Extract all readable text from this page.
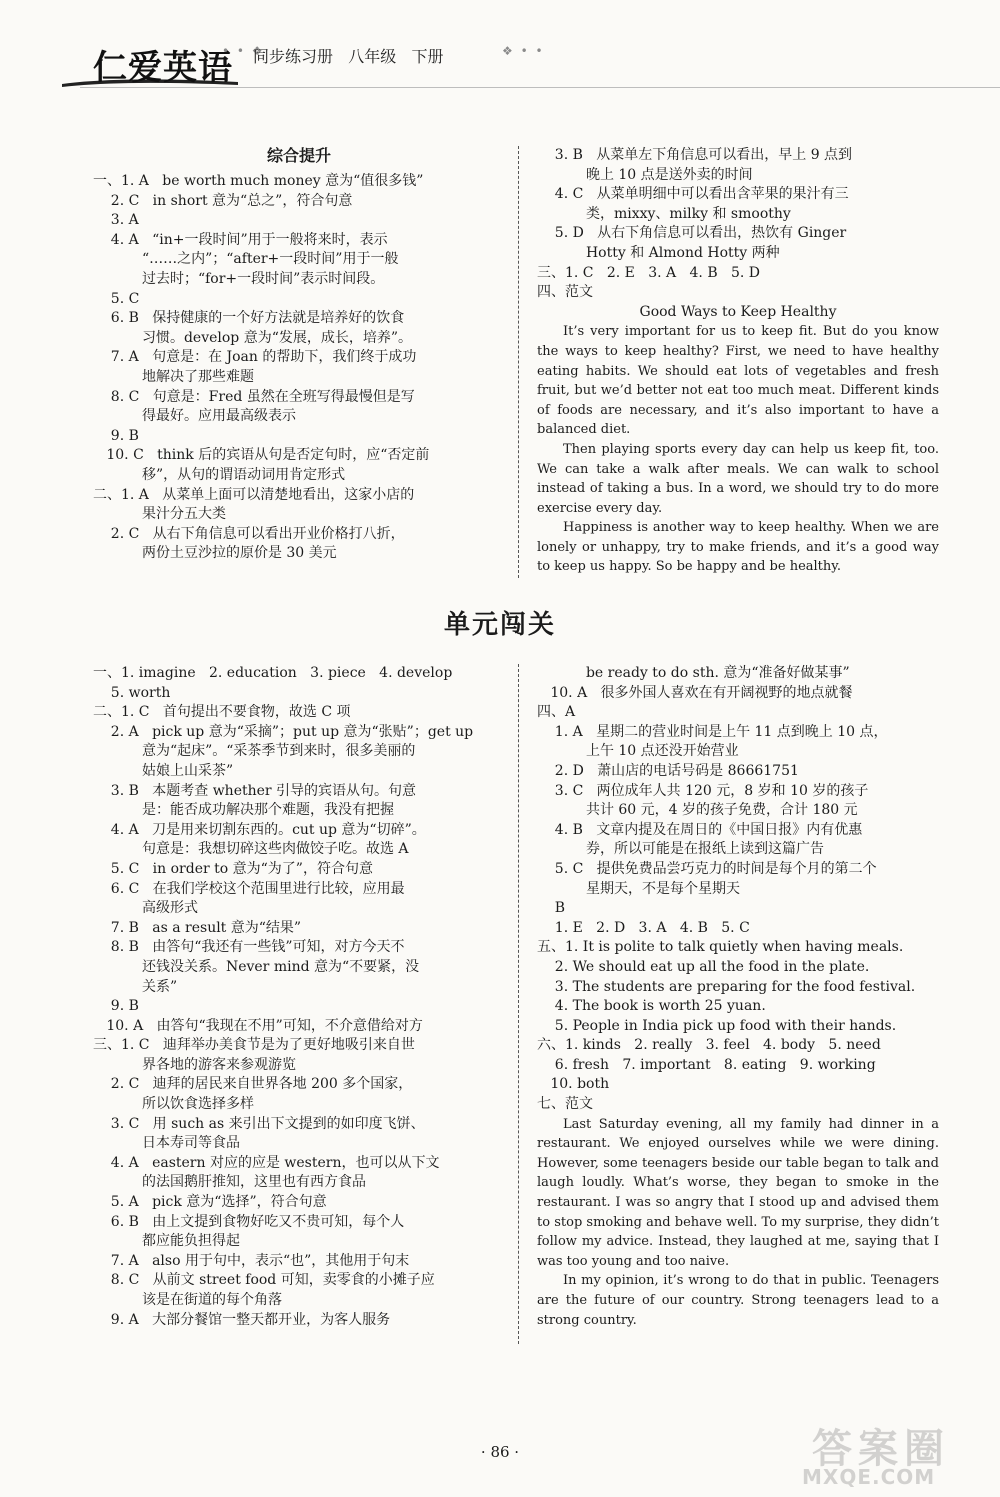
仁爱英语
• • ❖
同步练习册   八年级   下册	❖ • •
综合提升
一、1. A   be worth much money 意为“值很多钱”
2. C   in short 意为“总之”，符合句意
3. A
4. A   “in+一段时间”用于一般将来时，表示
“……之内”；“after+一段时间”用于一般
过去时；“for+一段时间”表示时间段。
5. C
6. B   保持健康的一个好方法就是培养好的饮食
习惯。develop 意为“发展，成长，培养”。
7. A   句意是：在 Joan 的帮助下，我们终于成功
地解决了那些难题
8. C   句意是：Fred 虽然在全班写得最慢但是写
得最好。应用最高级表示
9. B
10. C   think 后的宾语从句是否定句时，应“否定前
移”，从句的谓语动词用肯定形式
二、1. A   从菜单上面可以清楚地看出，这家小店的
果汁分五大类
2. C   从右下角信息可以看出开业价格打八折，
两份土豆沙拉的原价是 30 美元
3. B   从菜单左下角信息可以看出，早上 9 点到
晚上 10 点是送外卖的时间
4. C   从菜单明细中可以看出含苹果的果汁有三
类，mixxy、milky 和 smoothy
5. D   从右下角信息可以看出，热饮有 Ginger
Hotty 和 Almond Hotty 两种
三、1. C   2. E   3. A   4. B   5. D
四、范文
Good Ways to Keep Healthy
It’s very important for us to keep fit. But do you know the ways to keep healthy? First, we need to have healthy eating habits. We should eat lots of vegetables and fresh fruit, but we’d better not eat too much meat. Different kinds of foods are necessary, and it’s also important to have a balanced diet.
Then playing sports every day can help us keep fit, too. We can take a walk after meals. We can walk to school instead of taking a bus. In a word, we should try to do more exercise every day.
Happiness is another way to keep healthy. When we are lonely or unhappy, try to make friends, and it’s a good way to keep us happy. So be happy and be healthy.
单元闯关
一、1. imagine   2. education   3. piece   4. develop
5. worth
二、1. C   首句提出不要食物，故选 C 项
2. A   pick up 意为“采摘”；put up 意为“张贴”；get up
意为“起床”。“采茶季节到来时，很多美丽的
姑娘上山采茶”
3. B   本题考查 whether 引导的宾语从句。句意
是：能否成功解决那个难题，我没有把握
4. A   刀是用来切割东西的。cut up 意为“切碎”。
句意是：我想切碎这些肉做饺子吃。故选 A
5. C   in order to 意为“为了”，符合句意
6. C   在我们学校这个范围里进行比较，应用最
高级形式
7. B   as a result 意为“结果”
8. B   由答句“我还有一些钱”可知，对方今天不
还钱没关系。Never mind 意为“不要紧，没
关系”
9. B
10. A   由答句“我现在不用”可知，不介意借给对方
三、1. C   迪拜举办美食节是为了更好地吸引来自世
界各地的游客来参观游览
2. C   迪拜的居民来自世界各地 200 多个国家，
所以饮食选择多样
3. C   用 such as 来引出下文提到的如印度飞饼、
日本寿司等食品
4. A   eastern 对应的应是 western，也可以从下文
的法国鹅肝推知，这里也有西方食品
5. A   pick 意为“选择”，符合句意
6. B   由上文提到食物好吃又不贵可知，每个人
都应能负担得起
7. A   also 用于句中，表示“也”，其他用于句末
8. C   从前文 street food 可知，卖零食的小摊子应
该是在街道的每个角落
9. A   大部分餐馆一整天都开业，为客人服务
be ready to do sth. 意为“准备好做某事”
10. A   很多外国人喜欢在有开阔视野的地点就餐
四、A
1. A   星期二的营业时间是上午 11 点到晚上 10 点，
上午 10 点还没开始营业
2. D   萧山店的电话号码是 86661751
3. C   两位成年人共 120 元，8 岁和 10 岁的孩子
共计 60 元，4 岁的孩子免费，合计 180 元
4. B   文章内提及在周日的《中国日报》内有优惠
券，所以可能是在报纸上读到这篇广告
5. C   提供免费品尝巧克力的时间是每个月的第二个
星期天，不是每个星期天
B
1. E   2. D   3. A   4. B   5. C
五、1. It is polite to talk quietly when having meals.
2. We should eat up all the food in the plate.
3. The students are preparing for the food festival.
4. The book is worth 25 yuan.
5. People in India pick up food with their hands.
六、1. kinds   2. really   3. feel   4. body   5. need
6. fresh   7. important   8. eating   9. working
10. both
七、范文
Last Saturday evening, all my family had dinner in a restaurant. We enjoyed ourselves while we were dining. However, some teenagers beside our table began to talk and laugh loudly. What’s worse, they began to smoke in the restaurant. I was so angry that I stood up and advised them to stop smoking and behave well. To my surprise, they didn’t follow my advice. Instead, they laughed at me, saying that I was too young and too naive.
In my opinion, it’s wrong to do that in public. Teenagers are the future of our country. Strong teenagers lead to a strong country.
· 86 ·	答案圈
MXQE.COM
